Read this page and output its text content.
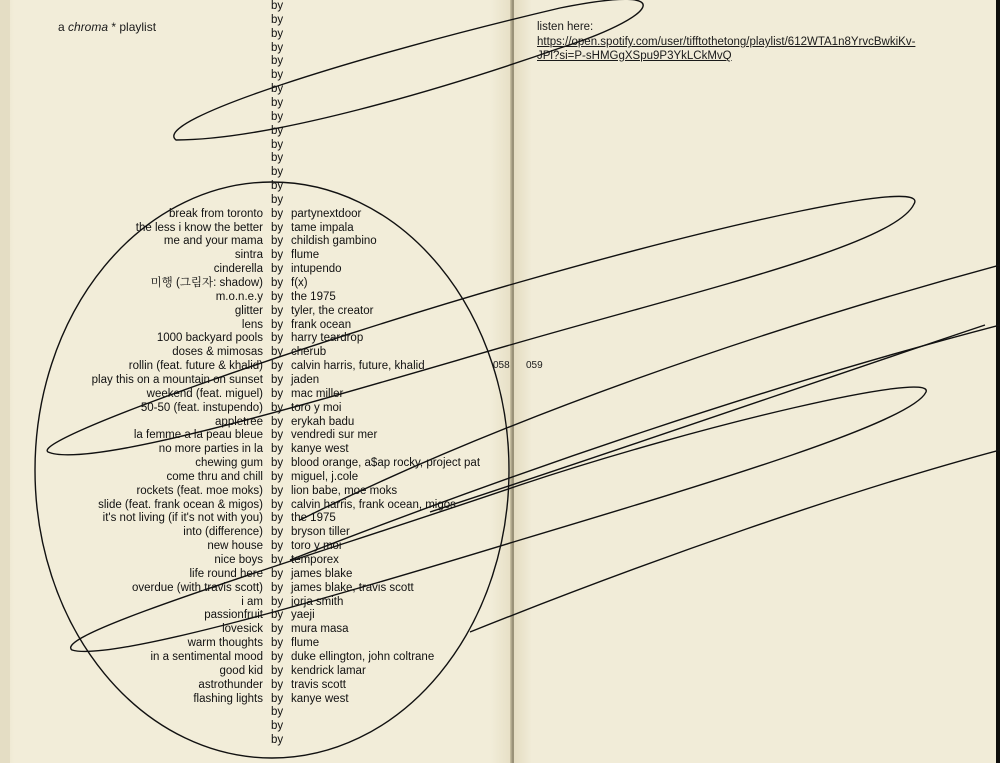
a chroma * playlist
by
by
by
by
by
by
by
by
by
by
by
by
by
by
by
break from toronto by partynextdoor
the less i know the better by tame impala
me and your mama by childish gambino
sintra by flume
cinderella by intupendo
미행 (그림자: shadow) by f(x)
m.o.n.e.y by the 1975
glitter by tyler, the creator
lens by frank ocean
1000 backyard pools by harry teardrop
doses & mimosas by cherub
rollin (feat. future & khalid) by calvin harris, future, khalid
play this on a mountain on sunset by jaden
weekend (feat. miguel) by mac miller
50-50 (feat. instupendo) by toro y moi
appletree by erykah badu
la femme a la peau bleue by vendredi sur mer
no more parties in la by kanye west
chewing gum by blood orange, a$ap rocky, project pat
come thru and chill by miguel, j.cole
rockets (feat. moe moks) by lion babe, moe moks
slide (feat. frank ocean & migos) by calvin harris, frank ocean, migos
it's not living (if it's not with you) by the 1975
into (difference) by bryson tiller
new house by toro y moi
nice boys by temporex
life round here by james blake
overdue (with travis scott) by james blake, travis scott
i am by jorja smith
passionfruit by yaeji
lovesick by mura masa
warm thoughts by flume
in a sentimental mood by duke ellington, john coltrane
good kid by kendrick lamar
astrothunder by travis scott
flashing lights by kanye west
by
by
by
listen here:
https://open.spotify.com/user/tifftothetong/playlist/612WTA1n8YrvcBwkiKv-JPl?si=P-sHMGgXSpu9P3YkLCkMvQ
058 059
